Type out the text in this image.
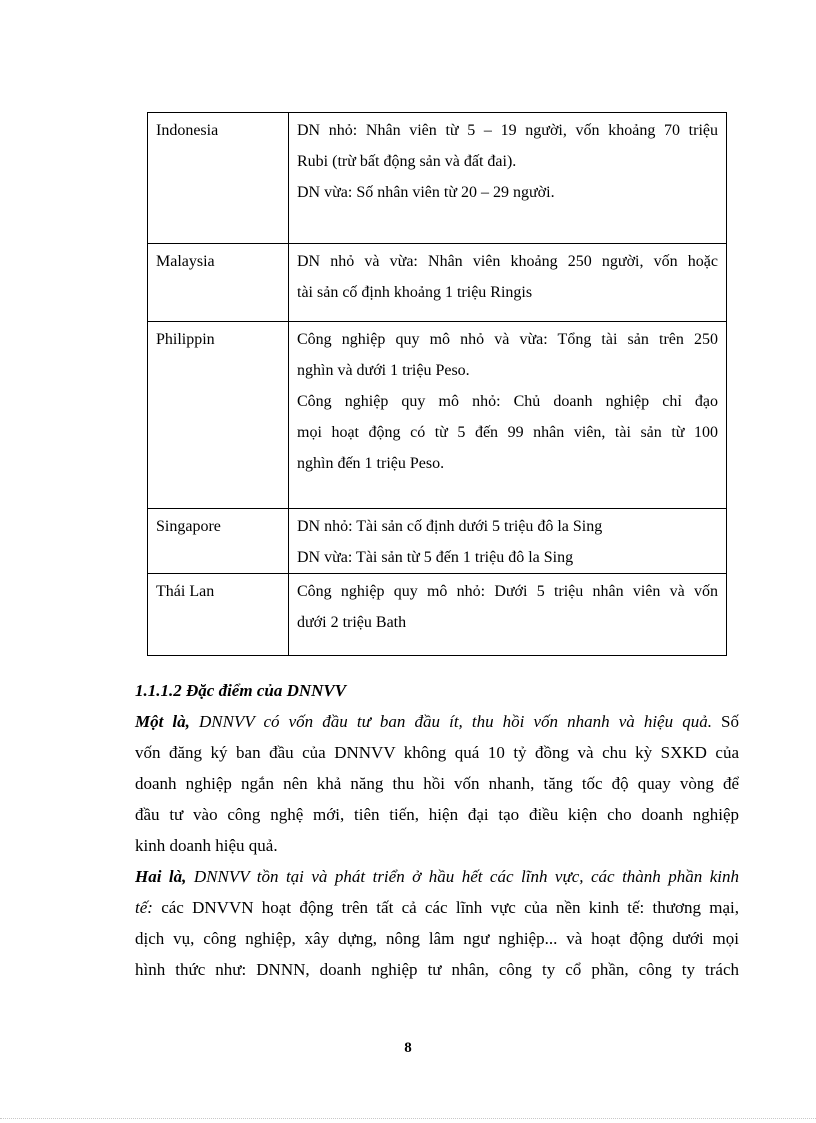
Indonesia	DN nhỏ: Nhân viên từ 5 – 19 người, vốn khoảng 70 triệu
Rubi (trừ bất động sản và đất đai).
DN vừa: Số nhân viên từ 20 – 29 người.

Malaysia	DN nhỏ và vừa: Nhân viên khoảng 250 người, vốn hoặc
tài sản cố định khoảng 1 triệu Ringis

Philippin	Công nghiệp quy mô nhỏ và vừa: Tổng tài sản trên 250
nghìn và dưới 1 triệu Peso.
Công nghiệp quy mô nhỏ: Chủ doanh nghiệp chỉ đạo
mọi hoạt động có từ 5 đến 99 nhân viên, tài sản từ 100
nghìn đến 1 triệu Peso.

Singapore	DN nhỏ: Tài sản cố định dưới 5 triệu đô la Sing
DN vừa: Tài sản từ 5 đến 1 triệu đô la Sing

Thái Lan	Công nghiệp quy mô nhỏ: Dưới 5 triệu nhân viên và vốn
dưới 2 triệu Bath
1.1.1.2 Đặc điểm của DNNVV
Một là, DNNVV có vốn đầu tư ban đầu ít, thu hồi vốn nhanh và hiệu quả. Số
vốn đăng ký ban đầu của DNNVV không quá 10 tỷ đồng và chu kỳ SXKD của
doanh nghiệp ngắn nên khả năng thu hồi vốn nhanh, tăng tốc độ quay vòng để
đầu tư vào công nghệ mới, tiên tiến, hiện đại tạo điều kiện cho doanh nghiệp
kinh doanh hiệu quả.
Hai là, DNNVV tồn tại và phát triển ở hầu hết các lĩnh vực, các thành phần kinh
tế: các DNVVN hoạt động trên tất cả các lĩnh vực của nền kinh tế: thương mại,
dịch vụ, công nghiệp, xây dựng, nông lâm ngư nghiệp... và hoạt động dưới mọi
hình thức như: DNNN, doanh nghiệp tư nhân, công ty cổ phần, công ty trách
8
